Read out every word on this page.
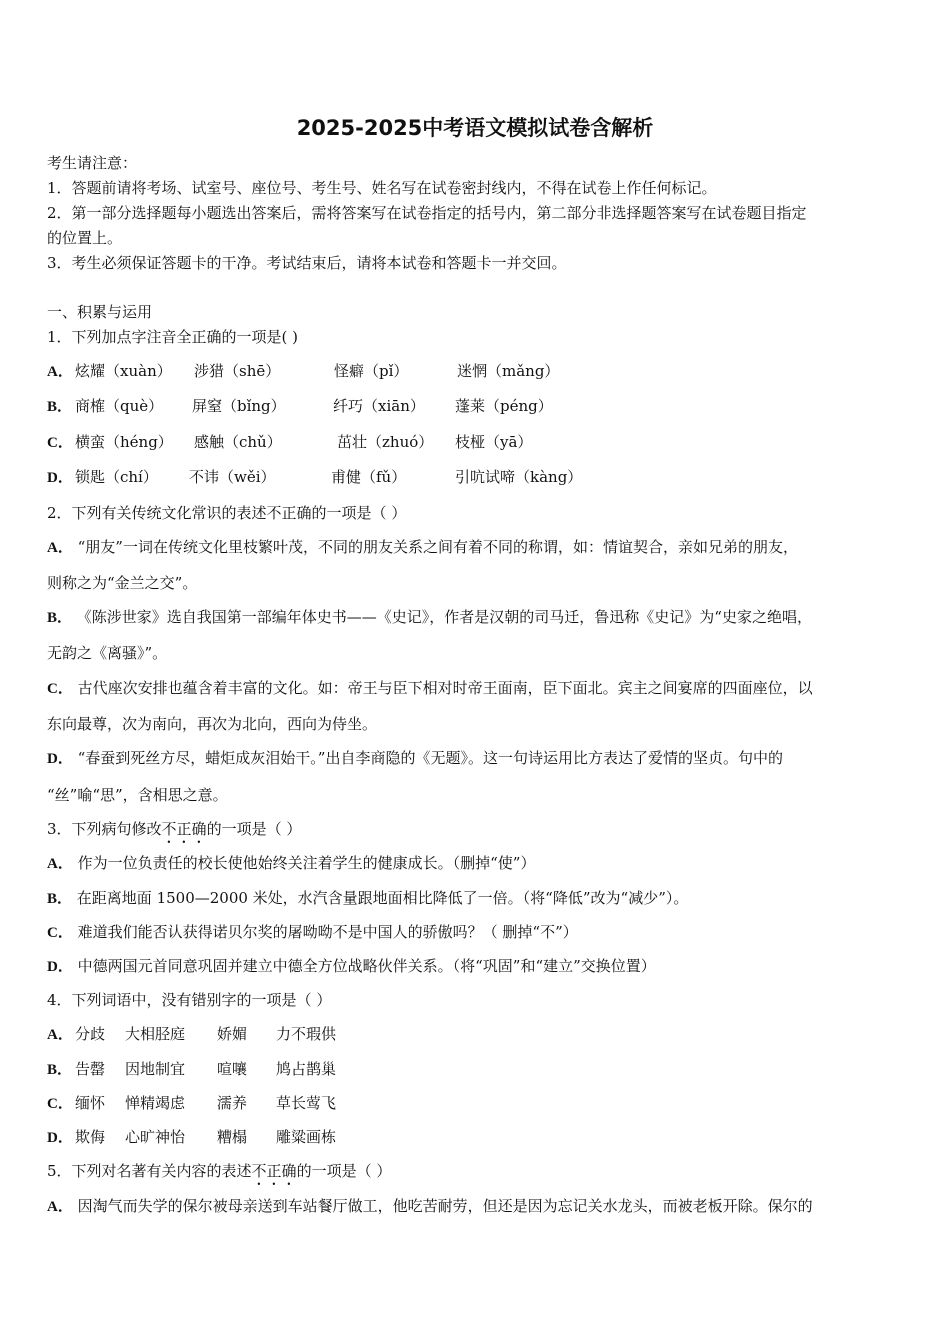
2025-2025中考语文模拟试卷含解析
考生请注意：
1．答题前请将考场、试室号、座位号、考生号、姓名写在试卷密封线内，不得在试卷上作任何标记。
2．第一部分选择题每小题选出答案后，需将答案写在试卷指定的括号内，第二部分非选择题答案写在试卷题目指定
的位置上。
3．考生必须保证答题卡的干净。考试结束后，请将本试卷和答题卡一并交回。
一、积累与运用
1．下列加点字注音全正确的一项是( )
A． 炫耀（xuàn） 涉猎（shē）	怪癖（pǐ）	迷惘（mǎng）
B． 商榷（què） 屏窒（bǐng）	纤巧（xiān） 蓬莱（péng）
C． 横蛮（héng） 感触（chǔ）	茁壮（zhuó） 枝桠（yā）
D． 锁匙（chí） 不讳（wěi）	甫健（fǔ）	引吭试啼（kàng）
2．下列有关传统文化常识的表述不正确的一项是（ ）
A． “朋友”一词在传统文化里枝繁叶茂，不同的朋友关系之间有着不同的称谓，如：情谊契合，亲如兄弟的朋友，
则称之为“金兰之交”。
B． 《陈涉世家》选自我国第一部编年体史书——《史记》，作者是汉朝的司马迁，鲁迅称《史记》为“史家之绝唱，
无韵之《离骚》”。
C． 古代座次安排也蕴含着丰富的文化。如：帝王与臣下相对时帝王面南，臣下面北。宾主之间宴席的四面座位，以
东向最尊，次为南向，再次为北向，西向为侍坐。
D． “春蚕到死丝方尽，蜡炬成灰泪始干。”出自李商隐的《无题》。这一句诗运用比方表达了爱情的坚贞。句中的
“丝”喻“思”，含相思之意。
3．下列病句修改不正确的一项是（ ）
A． 作为一位负责任的校长使他始终关注着学生的健康成长。（删掉“使”）
B． 在距离地面 1500—2000 米处，水汽含量跟地面相比降低了一倍。（将“降低”改为“减少”）。
C． 难道我们能否认获得诺贝尔奖的屠呦呦不是中国人的骄傲吗？（ 删掉“不”）
D． 中德两国元首同意巩固并建立中德全方位战略伙伴关系。（将“巩固”和“建立”交换位置）
4．下列词语中，没有错别字的一项是（ ）
A． 分歧 大相胫庭 娇媚 力不瑕供
B． 告罄 因地制宜 喧嚷 鸠占鹊巢
C． 缅怀 惮精竭虑 濡养 草长莺飞
D． 欺侮 心旷神怡 糟榻 雕粱画栋
5．下列对名著有关内容的表述不正确的一项是（ ）
A． 因淘气而失学的保尔被母亲送到车站餐厅做工，他吃苦耐劳，但还是因为忘记关水龙头，而被老板开除。保尔的
